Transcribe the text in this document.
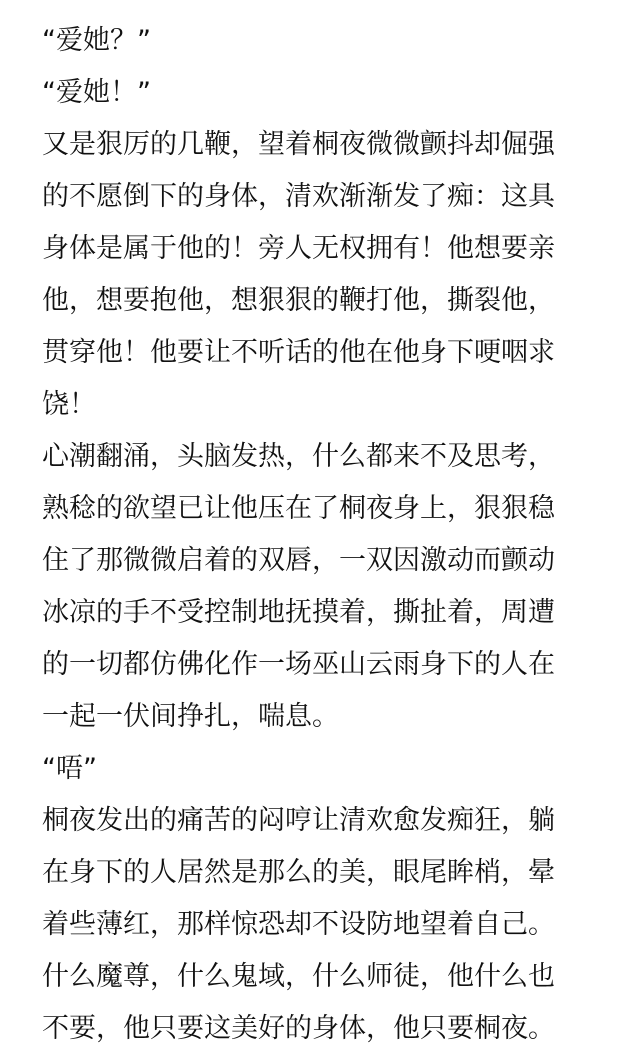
“爱她？”
“爱她！”
又是狠厉的几鞭，望着桐夜微微颤抖却倔强
的不愿倒下的身体，清欢渐渐发了痴：这具
身体是属于他的！旁人无权拥有！他想要亲
他，想要抱他，想狠狠的鞭打他，撕裂他，
贯穿他！他要让不听话的他在他身下哽咽求
饶！
心潮翻涌，头脑发热，什么都来不及思考，
熟稔的欲望已让他压在了桐夜身上，狠狠稳
住了那微微启着的双唇，一双因激动而颤动
冰凉的手不受控制地抚摸着，撕扯着，周遭
的一切都仿佛化作一场巫山云雨身下的人在
一起一伏间挣扎，喘息。
“唔”
桐夜发出的痛苦的闷哼让清欢愈发痴狂，躺
在身下的人居然是那么的美，眼尾眸梢，晕
着些薄红，那样惊恐却不设防地望着自己。
什么魔尊，什么鬼域，什么师徒，他什么也
不要，他只要这美好的身体，他只要桐夜。
